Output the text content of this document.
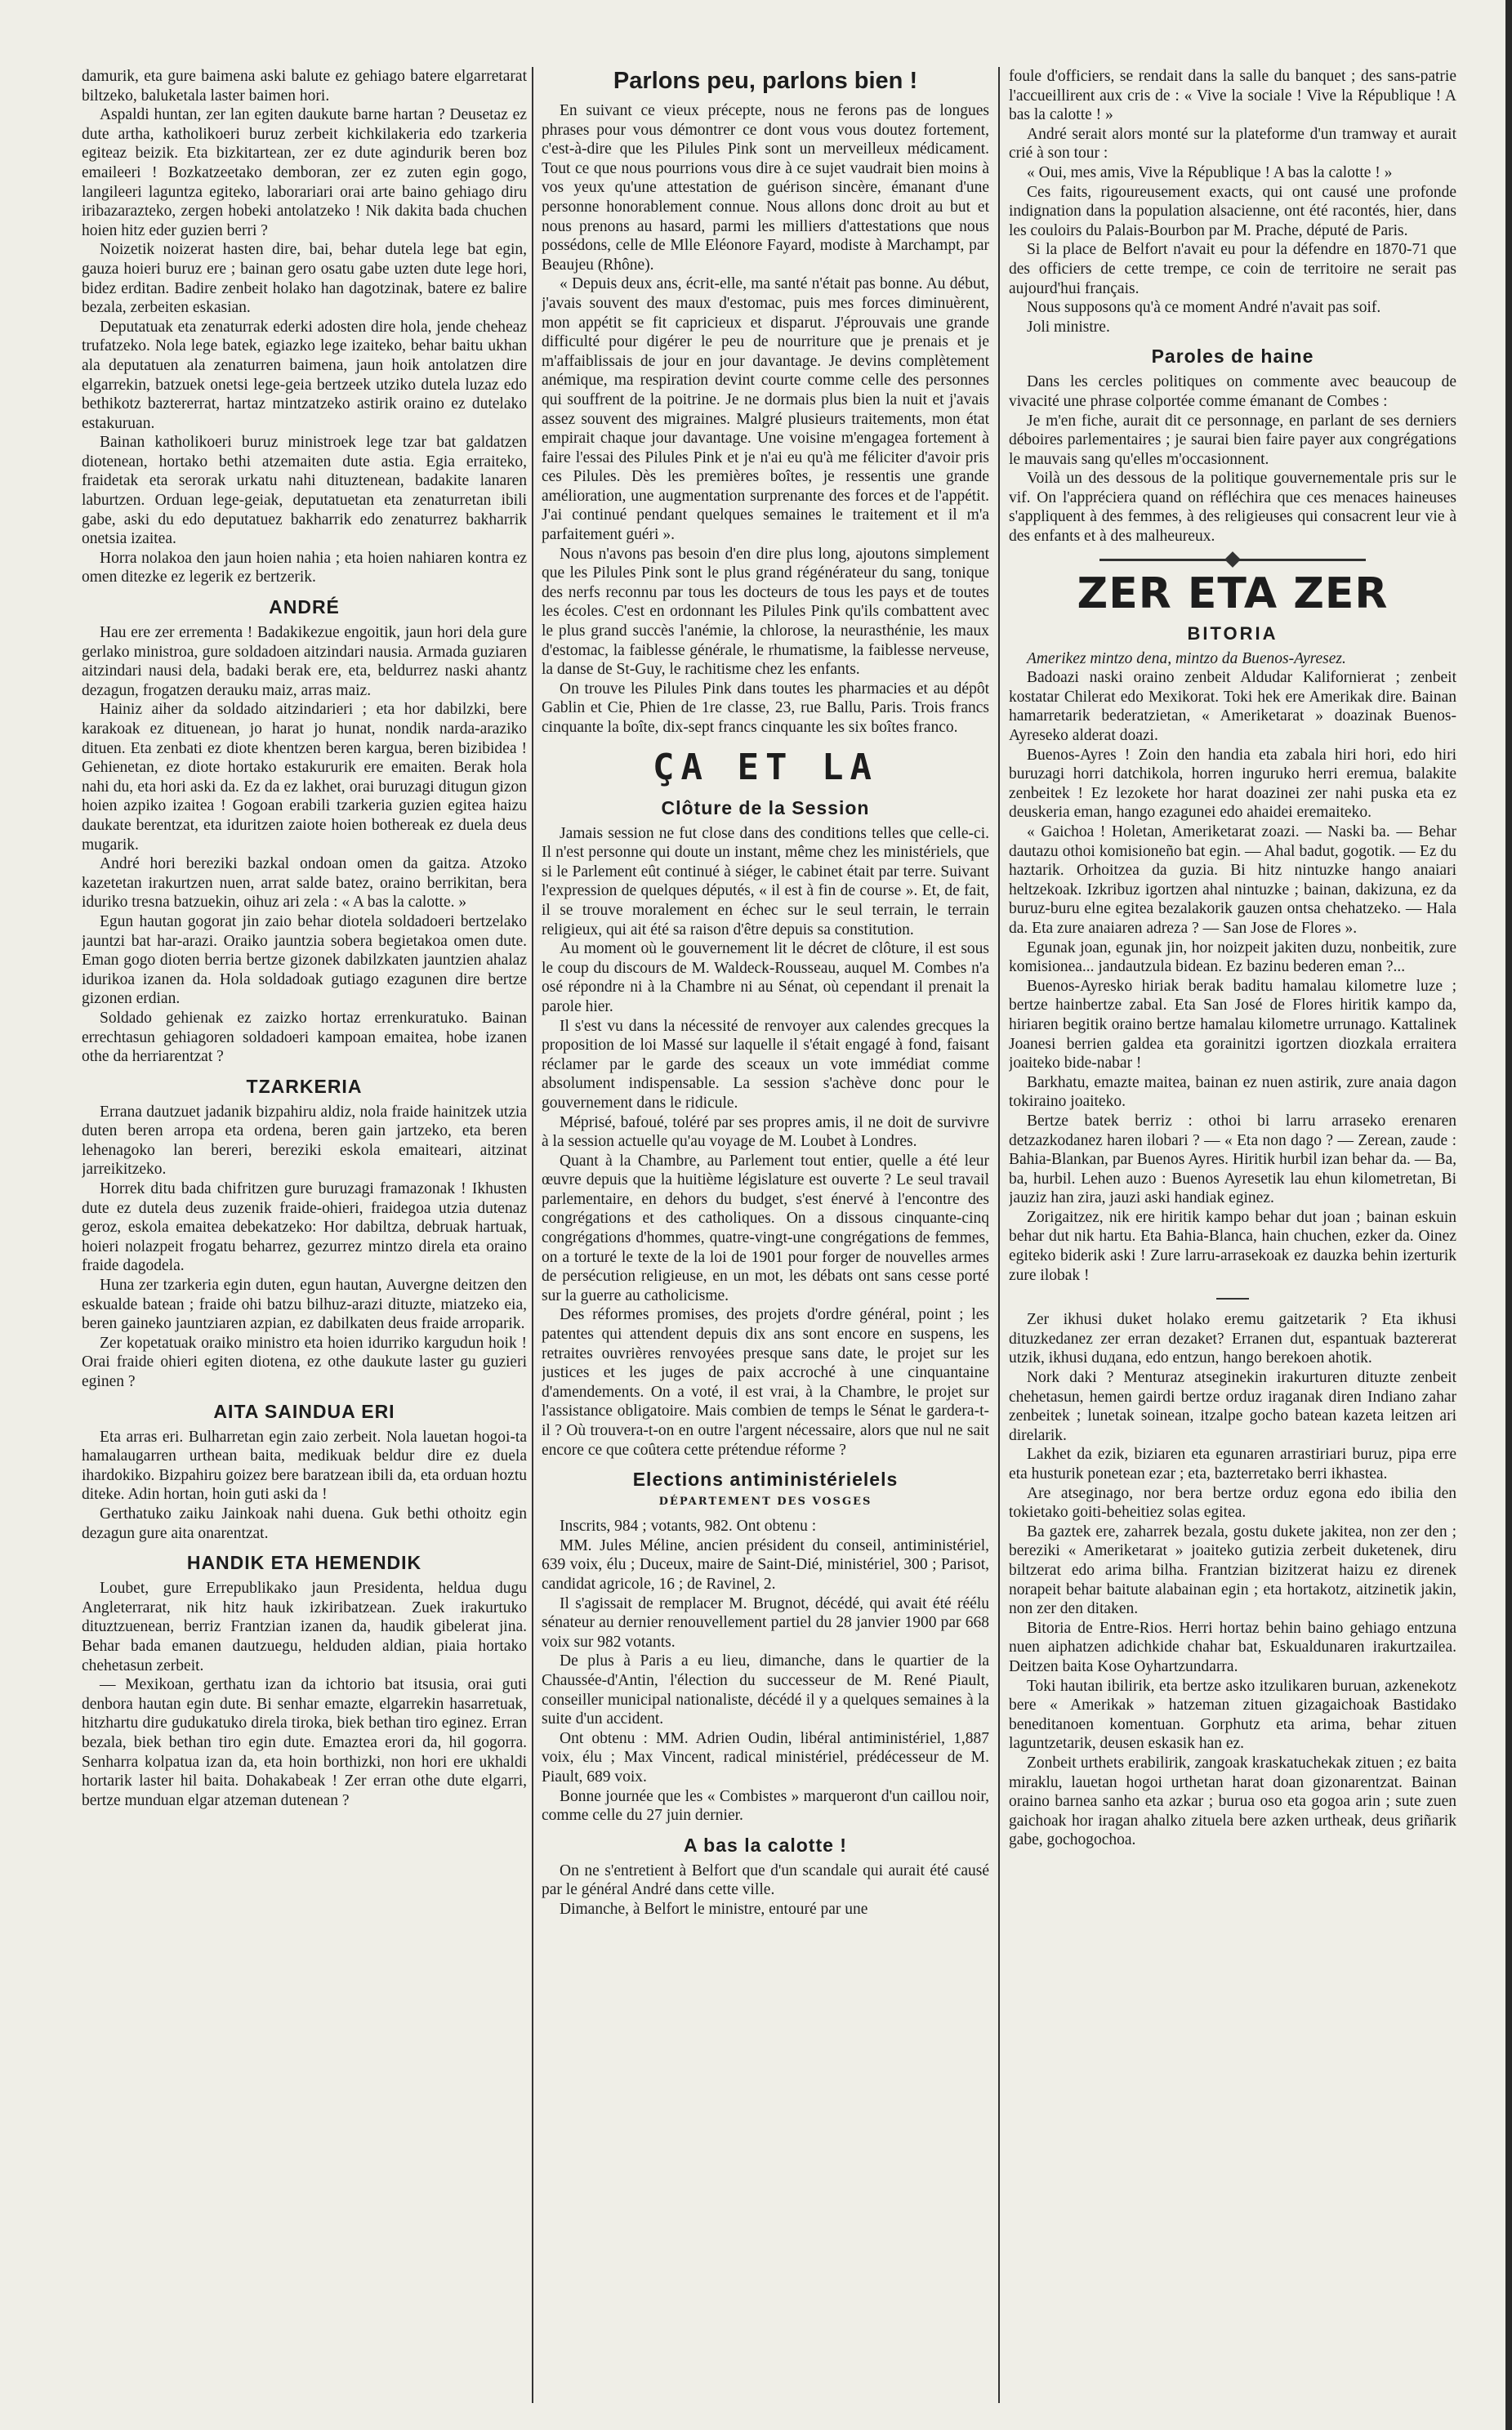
damurik, eta gure baimena aski balute ez gehiago batere elgarretarat biltzeko, baluketala laster baimen hori.

Aspaldi huntan, zer lan egiten daukute barne hartan ? Deusetaz ez dute artha, katholikoeri buruz zerbeit kichkilakeria edo tzarkeria egiteaz beizik. Eta bizkitartean, zer ez dute agindurik beren boz emaileeri ! Bozkatzeetako demboran, zer ez zuten egin gogo, langileeri laguntza egiteko, laborariari orai arte baino gehiago diru iribazarazteko, zergen hobeki antolatzeko ! Nik dakita bada chuchen hoien hitz eder guzien berri ?

Noizetik noizerat hasten dire, bai, behar dutela lege bat egin, gauza hoieri buruz ere ; bainan gero osatu gabe uzten dute lege hori, bidez erditan. Badire zenbeit holako han dagotzinak, batere ez balire bezala, zerbeiten eskasian.

Deputatuak eta zenaturrak ederki adosten dire hola, jende cheheaz trufatzeko. Nola lege batek, egiazko lege izaiteko, behar baitu ukhan ala deputatuen ala zenaturren baimena, jaun hoik antolatzen dire elgarrekin, batzuek onetsi lege-geia bertzeek utziko dutela luzaz edo bethikotz baztererrat, hartaz mintzatzeko astirik oraino ez dutelako estakuruan.

Bainan katholikoeri buruz ministroek lege tzar bat galdatzen diotenean, hortako bethi atzemaiten dute astia. Egia erraiteko, fraidetak eta serorak urkatu nahi dituztenean, badakite lanaren laburtzen. Orduan lege-geiak, deputatuetan eta zenaturretan ibili gabe, aski du edo deputatuez bakharrik edo zenaturrez bakharrik onetsia izaitea.

Horra nolakoa den jaun hoien nahia ; eta hoien nahiaren kontra ez omen ditezke ez legerik ez bertzerik.

ANDRÉ

Hau ere zer errementa ! Badakikezue engoitik, jaun hori dela gure gerlako ministroa, gure soldadoen aitzindari nausia. Armada guziaren aitzindari nausi dela, badaki berak ere, eta, beldurrez naski ahantz dezagun, frogatzen derauku maiz, arras maiz.

Hainiz aiher da soldado aitzindarieri ; eta hor dabilzki, bere karakoak ez dituenean, jo harat jo hunat, nondik narda-araziko dituen. Eta zenbati ez diote khentzen beren kargua, beren bizibidea ! Gehienetan, ez diote hortako estakururik ere emaiten. Berak hola nahi du, eta hori aski da. Ez da ez lakhet, orai buruzagi ditugun gizon hoien azpiko izaitea ! Gogoan erabili tzarkeria guzien egitea haizu daukate berentzat, eta iduritzen zaiote hoien bothereak ez duela deus mugarik.

André hori bereziki bazkal ondoan omen da gaitza. Atzoko kazetetan irakurtzen nuen, arrat salde batez, oraino berrikitan, bera iduriko tresna batzuekin, oihuz ari zela : « A bas la calotte. »

Egun hautan gogorat jin zaio behar diotela soldadoeri bertzelako jauntzi bat har-arazi. Oraiko jauntzia sobera begietakoa omen dute. Eman gogo dioten berria bertze gizonek dabilzkaten jauntzien ahalaz idurikoa izanen da. Hola soldadoak gutiago ezagunen dire bertze gizonen erdian.

Soldado gehienak ez zaizko hortaz errenkuratuko. Bainan errechtasun gehiagoren soldadoeri kampoan emaitea, hobe izanen othe da herriarentzat ?

TZARKERIA

Errana dautzuet jadanik bizpahiru aldiz, nola fraide hainitzek utzia duten beren arropa eta ordena, beren gain jartzeko, eta beren lehenagoko lan bereri, bereziki eskola emaiteari, aitzinat jarreikitzeko.

Horrek ditu bada chifritzen gure buruzagi framazonak ! Ikhusten dute ez dutela deus zuzenik fraide-ohieri, fraidegoa utzia dutenaz geroz, eskola emaitea debekatzeko: Hor dabiltza, debruak hartuak, hoieri nolazpeit frogatu beharrez, gezurrez mintzo direla eta oraino fraide dagodela.

Huna zer tzarkeria egin duten, egun hautan, Auvergne deitzen den eskualde batean ; fraide ohi batzu bilhuz-arazi dituzte, miatzeko eia, beren gaineko jauntziaren azpian, ez dabilkaten deus fraide arroparik.

Zer kopetatuak oraiko ministro eta hoien idurriko kargudun hoik ! Orai fraide ohieri egiten diotena, ez othe daukute laster gu guzieri eginen ?

AITA SAINDUA ERI

Eta arras eri. Bulharretan egin zaio zerbeit. Nola lauetan hogoi-ta hamalaugarren urthean baita, medikuak beldur dire ez duela ihardokiko. Bizpahiru goizez bere baratzean ibili da, eta orduan hoztu diteke. Adin hortan, hoin guti aski da !

Gerthatuko zaiku Jainkoak nahi duena. Guk bethi othoitz egin dezagun gure aita onarentzat.

HANDIK ETA HEMENDIK

Loubet, gure Errepublikako jaun Presidenta, heldua dugu Angleterrarat, nik hitz hauk izkiribatzean. Zuek irakurtuko dituztzuenean, berriz Frantzian izanen da, haudik gibelerat jina. Behar bada emanen dautzuegu, helduden aldian, piaia hortako chehetasun zerbeit.

— Mexikoan, gerthatu izan da ichtorio bat itsusia, orai guti denbora hautan egin dute. Bi senhar emazte, elgarrekin hasarretuak, hitzhartu dire gudukatuko direla tiroka, biek bethan tiro eginez. Erran bezala, biek bethan tiro egin dute. Emaztea erori da, hil gogorra. Senharra kolpatua izan da, eta hoin borthizki, non hori ere ukhaldi hortarik laster hil baita. Dohakabeak ! Zer erran othe dute elgarri, bertze munduan elgar atzeman dutenean ?

Parlons peu, parlons bien !

En suivant ce vieux précepte, nous ne ferons pas de longues phrases pour vous démontrer ce dont vous vous doutez fortement, c'est-à-dire que les Pilules Pink sont un merveilleux médicament. Tout ce que nous pourrions vous dire à ce sujet vaudrait bien moins à vos yeux qu'une attestation de guérison sincère, émanant d'une personne honorablement connue. Nous allons donc droit au but et nous prenons au hasard, parmi les milliers d'attestations que nous possédons, celle de Mlle Eléonore Fayard, modiste à Marchampt, par Beaujeu (Rhône).

« Depuis deux ans, écrit-elle, ma santé n'était pas bonne. Au début, j'avais souvent des maux d'estomac, puis mes forces diminuèrent, mon appétit se fit capricieux et disparut. J'éprouvais une grande difficulté pour digérer le peu de nourriture que je prenais et je m'affaiblissais de jour en jour davantage. Je devins complètement anémique, ma respiration devint courte comme celle des personnes qui souffrent de la poitrine. Je ne dormais plus bien la nuit et j'avais assez souvent des migraines. Malgré plusieurs traitements, mon état empirait chaque jour davantage. Une voisine m'engagea fortement à faire l'essai des Pilules Pink et je n'ai eu qu'à me féliciter d'avoir pris ces Pilules. Dès les premières boîtes, je ressentis une grande amélioration, une augmentation surprenante des forces et de l'appétit. J'ai continué pendant quelques semaines le traitement et il m'a parfaitement guéri ».

Nous n'avons pas besoin d'en dire plus long, ajoutons simplement que les Pilules Pink sont le plus grand régénérateur du sang, tonique des nerfs reconnu par tous les docteurs de tous les pays et de toutes les écoles. C'est en ordonnant les Pilules Pink qu'ils combattent avec le plus grand succès l'anémie, la chlorose, la neurasthénie, les maux d'estomac, la faiblesse générale, le rhumatisme, la faiblesse nerveuse, la danse de St-Guy, le rachitisme chez les enfants.

On trouve les Pilules Pink dans toutes les pharmacies et au dépôt Gablin et Cie, Phien de 1re classe, 23, rue Ballu, Paris. Trois francs cinquante la boîte, dix-sept francs cinquante les six boîtes franco.

ÇA ET LA
Clôture de la Session

Jamais session ne fut close dans des conditions telles que celle-ci. Il n'est personne qui doute un instant, même chez les ministériels, que si le Parlement eût continué à siéger, le cabinet était par terre. Suivant l'expression de quelques députés, « il est à fin de course ». Et, de fait, il se trouve moralement en échec sur le seul terrain, le terrain religieux, qui ait été sa raison d'être depuis sa constitution.

Au moment où le gouvernement lit le décret de clôture, il est sous le coup du discours de M. Waldeck-Rousseau, auquel M. Combes n'a osé répondre ni à la Chambre ni au Sénat, où cependant il prenait la parole hier.

Il s'est vu dans la nécessité de renvoyer aux calendes grecques la proposition de loi Massé sur laquelle il s'était engagé à fond, faisant réclamer par le garde des sceaux un vote immédiat comme absolument indispensable. La session s'achève donc pour le gouvernement dans le ridicule.

Méprisé, bafoué, toléré par ses propres amis, il ne doit de survivre à la session actuelle qu'au voyage de M. Loubet à Londres.

Quant à la Chambre, au Parlement tout entier, quelle a été leur œuvre depuis que la huitième législature est ouverte ? Le seul travail parlementaire, en dehors du budget, s'est énervé à l'encontre des congrégations et des catholiques. On a dissous cinquante-cinq congrégations d'hommes, quatre-vingt-une congrégations de femmes, on a torturé le texte de la loi de 1901 pour forger de nouvelles armes de persécution religieuse, en un mot, les débats ont sans cesse porté sur la guerre au catholicisme.

Des réformes promises, des projets d'ordre général, point ; les patentes qui attendent depuis dix ans sont encore en suspens, les retraites ouvrières renvoyées presque sans date, le projet sur les justices et les juges de paix accroché à une cinquantaine d'amendements. On a voté, il est vrai, à la Chambre, le projet sur l'assistance obligatoire. Mais combien de temps le Sénat le gardera-t-il ? Où trouvera-t-on en outre l'argent nécessaire, alors que nul ne sait encore ce que coûtera cette prétendue réforme ?

Elections antiministérielels
DÉPARTEMENT DES VOSGES

Inscrits, 984 ; votants, 982. Ont obtenu :

MM. Jules Méline, ancien président du conseil, antiministériel, 639 voix, élu ; Duceux, maire de Saint-Dié, ministériel, 300 ; Parisot, candidat agricole, 16 ; de Ravinel, 2.

Il s'agissait de remplacer M. Brugnot, décédé, qui avait été réélu sénateur au dernier renouvellement partiel du 28 janvier 1900 par 668 voix sur 982 votants.

De plus à Paris a eu lieu, dimanche, dans le quartier de la Chaussée-d'Antin, l'élection du successeur de M. René Piault, conseiller municipal nationaliste, décédé il y a quelques semaines à la suite d'un accident.

Ont obtenu : MM. Adrien Oudin, libéral antiministériel, 1,887 voix, élu ; Max Vincent, radical ministériel, prédécesseur de M. Piault, 689 voix.

Bonne journée que les « Combistes » marqueront d'un caillou noir, comme celle du 27 juin dernier.

A bas la calotte !

On ne s'entretient à Belfort que d'un scandale qui aurait été causé par le général André dans cette ville.

Dimanche, à Belfort le ministre, entouré par une

foule d'officiers, se rendait dans la salle du banquet ; des sans-patrie l'accueillirent aux cris de : « Vive la sociale ! Vive la République ! A bas la calotte ! »

André serait alors monté sur la plateforme d'un tramway et aurait crié à son tour :

« Oui, mes amis, Vive la République ! A bas la calotte ! »

Ces faits, rigoureusement exacts, qui ont causé une profonde indignation dans la population alsacienne, ont été racontés, hier, dans les couloirs du Palais-Bourbon par M. Prache, député de Paris.

Si la place de Belfort n'avait eu pour la défendre en 1870-71 que des officiers de cette trempe, ce coin de territoire ne serait pas aujourd'hui français.

Nous supposons qu'à ce moment André n'avait pas soif.

Joli ministre.

Paroles de haine

Dans les cercles politiques on commente avec beaucoup de vivacité une phrase colportée comme émanant de Combes :

Je m'en fiche, aurait dit ce personnage, en parlant de ses derniers déboires parlementaires ; je saurai bien faire payer aux congrégations le mauvais sang qu'elles m'occasionnent.

Voilà un des dessous de la politique gouvernementale pris sur le vif. On l'appréciera quand on réfléchira que ces menaces haineuses s'appliquent à des femmes, à des religieuses qui consacrent leur vie à des enfants et à des malheureux.

ZER ETA ZER
BITORIA

Amerikez mintzo dena, mintzo da Buenos-Ayresez.

Badoazi naski oraino zenbeit Aldudar Kalifornierat ; zenbeit kostatar Chilerat edo Mexikorat. Toki hek ere Amerikak dire. Bainan hamarretarik bederatzietan, « Ameriketarat » doazinak Buenos-Ayreseko alderat doazi.

Buenos-Ayres ! Zoin den handia eta zabala hiri hori, edo hiri buruzagi horri datchikola, horren inguruko herri eremua, balakite zenbeitek ! Ez lezokete hor harat doazinei zer nahi puska eta ez deuskeria eman, hango ezagunei edo ahaidei eremaiteko.

« Gaichoa ! Holetan, Ameriketarat zoazi. — Naski ba. — Behar dautazu othoi komisioneño bat egin. — Ahal badut, gogotik. — Ez du haztarik. Orhoitzea da guzia. Bi hitz nintuzke hango anaiari heltzekoak. Izkribuz igortzen ahal nintuzke ; bainan, dakizuna, ez da buruz-buru elne egitea bezalakorik gauzen ontsa chehatzeko. — Hala da. Eta zure anaiaren adreza ? — San Jose de Flores ».

Egunak joan, egunak jin, hor noizpeit jakiten duzu, nonbeitik, zure komisionea... jandautzula bidean. Ez bazinu bederen eman ?...

Buenos-Ayresko hiriak berak baditu hamalau kilometre luze ; bertze hainbertze zabal. Eta San José de Flores hiritik kampo da, hiriaren begitik oraino bertze hamalau kilometre urrunago. Kattalinek Joanesi berrien galdea eta gorainitzi igortzen diozkala erraitera joaiteko bide-nabar !

Barkhatu, emazte maitea, bainan ez nuen astirik, zure anaia dagon tokiraino joaiteko.

Bertze batek berriz : othoi bi larru arraseko erenaren detzazkodanez haren ilobari ? — « Eta non dago ? — Zerean, zaude : Bahia-Blankan, par Buenos Ayres. Hiritik hurbil izan behar da. — Ba, ba, hurbil. Lehen auzo : Buenos Ayresetik lau ehun kilometretan, Bi jauziz han zira, jauzi aski handiak eginez.

Zorigaitzez, nik ere hiritik kampo behar dut joan ; bainan eskuin behar dut nik hartu. Eta Bahia-Blanca, hain chuchen, ezker da. Oinez egiteko biderik aski ! Zure larru-arrasekoak ez dauzka behin izerturik zure ilobak !

Zer ikhusi duket holako eremu gaitzetarik ? Eta ikhusi dituzkedanez zer erran dezaket? Erranen dut, espantuak baztererat utzik, ikhusi duдana, edo entzun, hango berekoen ahotik.

Nork daki ? Menturaz atseginekin irakurturen dituzte zenbeit chehetasun, hemen gairdi bertze orduz iraganak diren Indiano zahar zenbeitek ; lunetak soinean, itzalpe gocho batean kazeta leitzen ari direlarik.

Lakhet da ezik, biziaren eta egunaren arrastiriari buruz, pipa erre eta husturik ponetean ezar ; eta, bazterretako berri ikhastea.

Are atseginago, nor bera bertze orduz egona edo ibilia den tokietako goiti-beheitiez solas egitea.

Ba gaztek ere, zaharrek bezala, gostu dukete jakitea, non zer den ; bereziki « Ameriketarat » joaiteko gutizia zerbeit duketenek, diru biltzerat edo arima bilha. Frantzian bizitzerat haizu ez direnek norapeit behar baitute alabainan egin ; eta hortakotz, aitzinetik jakin, non zer den ditaken.

Bitoria de Entre-Rios. Herri hortaz behin baino gehiago entzuna nuen aiphatzen adichkide chahar bat, Eskualdunaren irakurtzailea. Deitzen baita Kose Oyhartzundarra.

Toki hautan ibilirik, eta bertze asko itzulikaren buruan, azkenekotz bere « Amerikak » hatzeman zituen gizagaichoak Bastidako beneditanoen komentuan. Gorphutz eta arima, behar zituen laguntzetarik, deusen eskasik han ez.

Zonbeit urthets erabilirik, zangoak kraskatuchekak zituen ; ez baita miraklu, lauetan hogoi urthetan harat doan gizonarentzat. Bainan oraino barnea sanho eta azkar ; burua oso eta gogoa arin ; sute zuen gaichoak hor iragan ahalko zituela bere azken urtheak, deus griñarik gabe, gochogochoa.
